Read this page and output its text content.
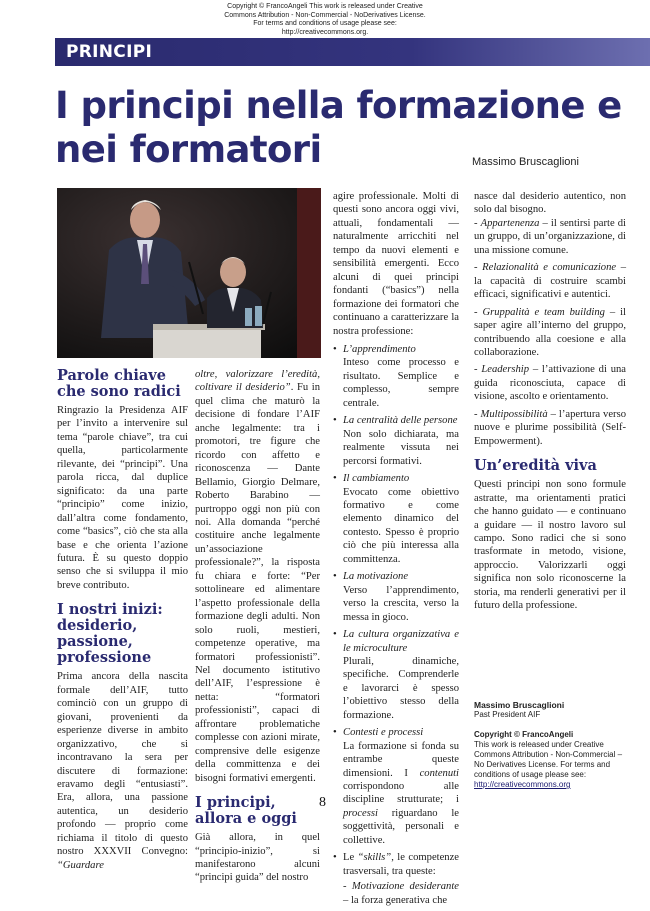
Copyright © FrancoAngeli This work is released under Creative
Commons Attribution - Non-Commercial - NoDerivatives License.
For terms and conditions of usage please see:
http://creativecommons.org.
PRINCIPI
I principi nella formazione e nei formatori	Massimo Bruscaglioni
Parole chiave che sono radici

Ringrazio la Presidenza AIF per l’invito a intervenire sul tema “parole chiave”, tra cui quella, particolarmente rilevante, dei “principi”. Una parola ricca, dal duplice significato: da una parte “principio” come inizio, dall’altra come fondamento, come “basics”, ciò che sta alla base e che orienta l’azione futura. È su questo doppio senso che si sviluppa il mio breve contributo.

I nostri inizi: desiderio, passione, professione

Prima ancora della nascita formale dell’AIF, tutto cominciò con un gruppo di giovani, provenienti da esperienze diverse in ambito organizzativo, che si incontravano la sera per discutere di formazione: eravamo degli “entusiasti”. Era, allora, una passione autentica, un desiderio profondo — proprio come richiama il titolo di questo nostro XXXVII Convegno: “Guardare

oltre, valorizzare l’eredità, coltivare il desiderio”. Fu in quel clima che maturò la decisione di fondare l’AIF anche legalmente: tra i promotori, tre figure che ricordo con affetto e riconoscenza — Dante Bellamio, Giorgio Delmare, Roberto Barabino — purtroppo oggi non più con noi. Alla domanda “perché costituire anche legalmente un’associazione professionale?”, la risposta fu chiara e forte: “Per sottolineare ed alimentare l’aspetto professionale della formazione degli adulti. Non solo ruoli, mestieri, competenze operative, ma formatori professionisti”. Nel documento istitutivo dell’AIF, l’espressione è netta: “formatori professionisti”, capaci di affrontare problematiche complesse con azioni mirate, comprensive delle esigenze della committenza e dei bisogni formativi emergenti.

I principi, allora e oggi

Già allora, in quel “principio-inizio”, si manifestarono alcuni “principi guida” del nostro

agire professionale. Molti di questi sono ancora oggi vivi, attuali, fondamentali — naturalmente arricchiti nel tempo da nuovi elementi e sensibilità emergenti. Ecco alcuni di quei principi fondanti (“basics”) nella formazione dei formatori che continuano a caratterizzare la nostra professione:

• L’apprendimento
Inteso come processo e risultato. Semplice e complesso, sempre centrale.
• La centralità delle persone
Non solo dichiarata, ma realmente vissuta nei percorsi formativi.
• Il cambiamento
Evocato come obiettivo formativo e come elemento dinamico del contesto. Spesso è proprio ciò che più interessa alla committenza.
• La motivazione
Verso l’apprendimento, verso la crescita, verso la messa in gioco.
• La cultura organizzativa e le microculture
Plurali, dinamiche, specifiche. Comprenderle e lavorarci è spesso l’obiettivo stesso della formazione.
• Contesti e processi
La formazione si fonda su entrambe queste dimensioni. I contenuti corrispondono alle discipline strutturate; i processi riguardano le soggettività, personali e collettive.
• Le “skills”, le competenze trasversali, tra queste:
- Motivazione desiderante – la forza generativa che

nasce dal desiderio autentico, non solo dal bisogno.

- Appartenenza – il sentirsi parte di un gruppo, di un’organizzazione, di una missione comune.
- Relazionalità e comunicazione – la capacità di costruire scambi efficaci, significativi e autentici.
- Gruppalità e team building – il saper agire all’interno del gruppo, contribuendo alla coesione e alla collaborazione.
- Leadership – l’attivazione di una guida riconosciuta, capace di visione, ascolto e orientamento.
- Multipossibilità – l’apertura verso nuove e plurime possibilità (Self-Empowerment).
Un’eredità viva

Questi principi non sono formule astratte, ma orientamenti pratici che hanno guidato — e continuano a guidare — il nostro lavoro sul campo. Sono radici che si sono trasformate in metodo, visione, approccio. Valorizzarli oggi significa non solo riconoscerne la storia, ma renderli generativi per il futuro della professione.

Massimo Bruscaglioni
Past President AIF
Copyright © FrancoAngeli
This work is released under Creative Commons Attribution - Non-Commercial – No Derivatives License. For terms and conditions of usage please see:
http://creativecommons.org
8
